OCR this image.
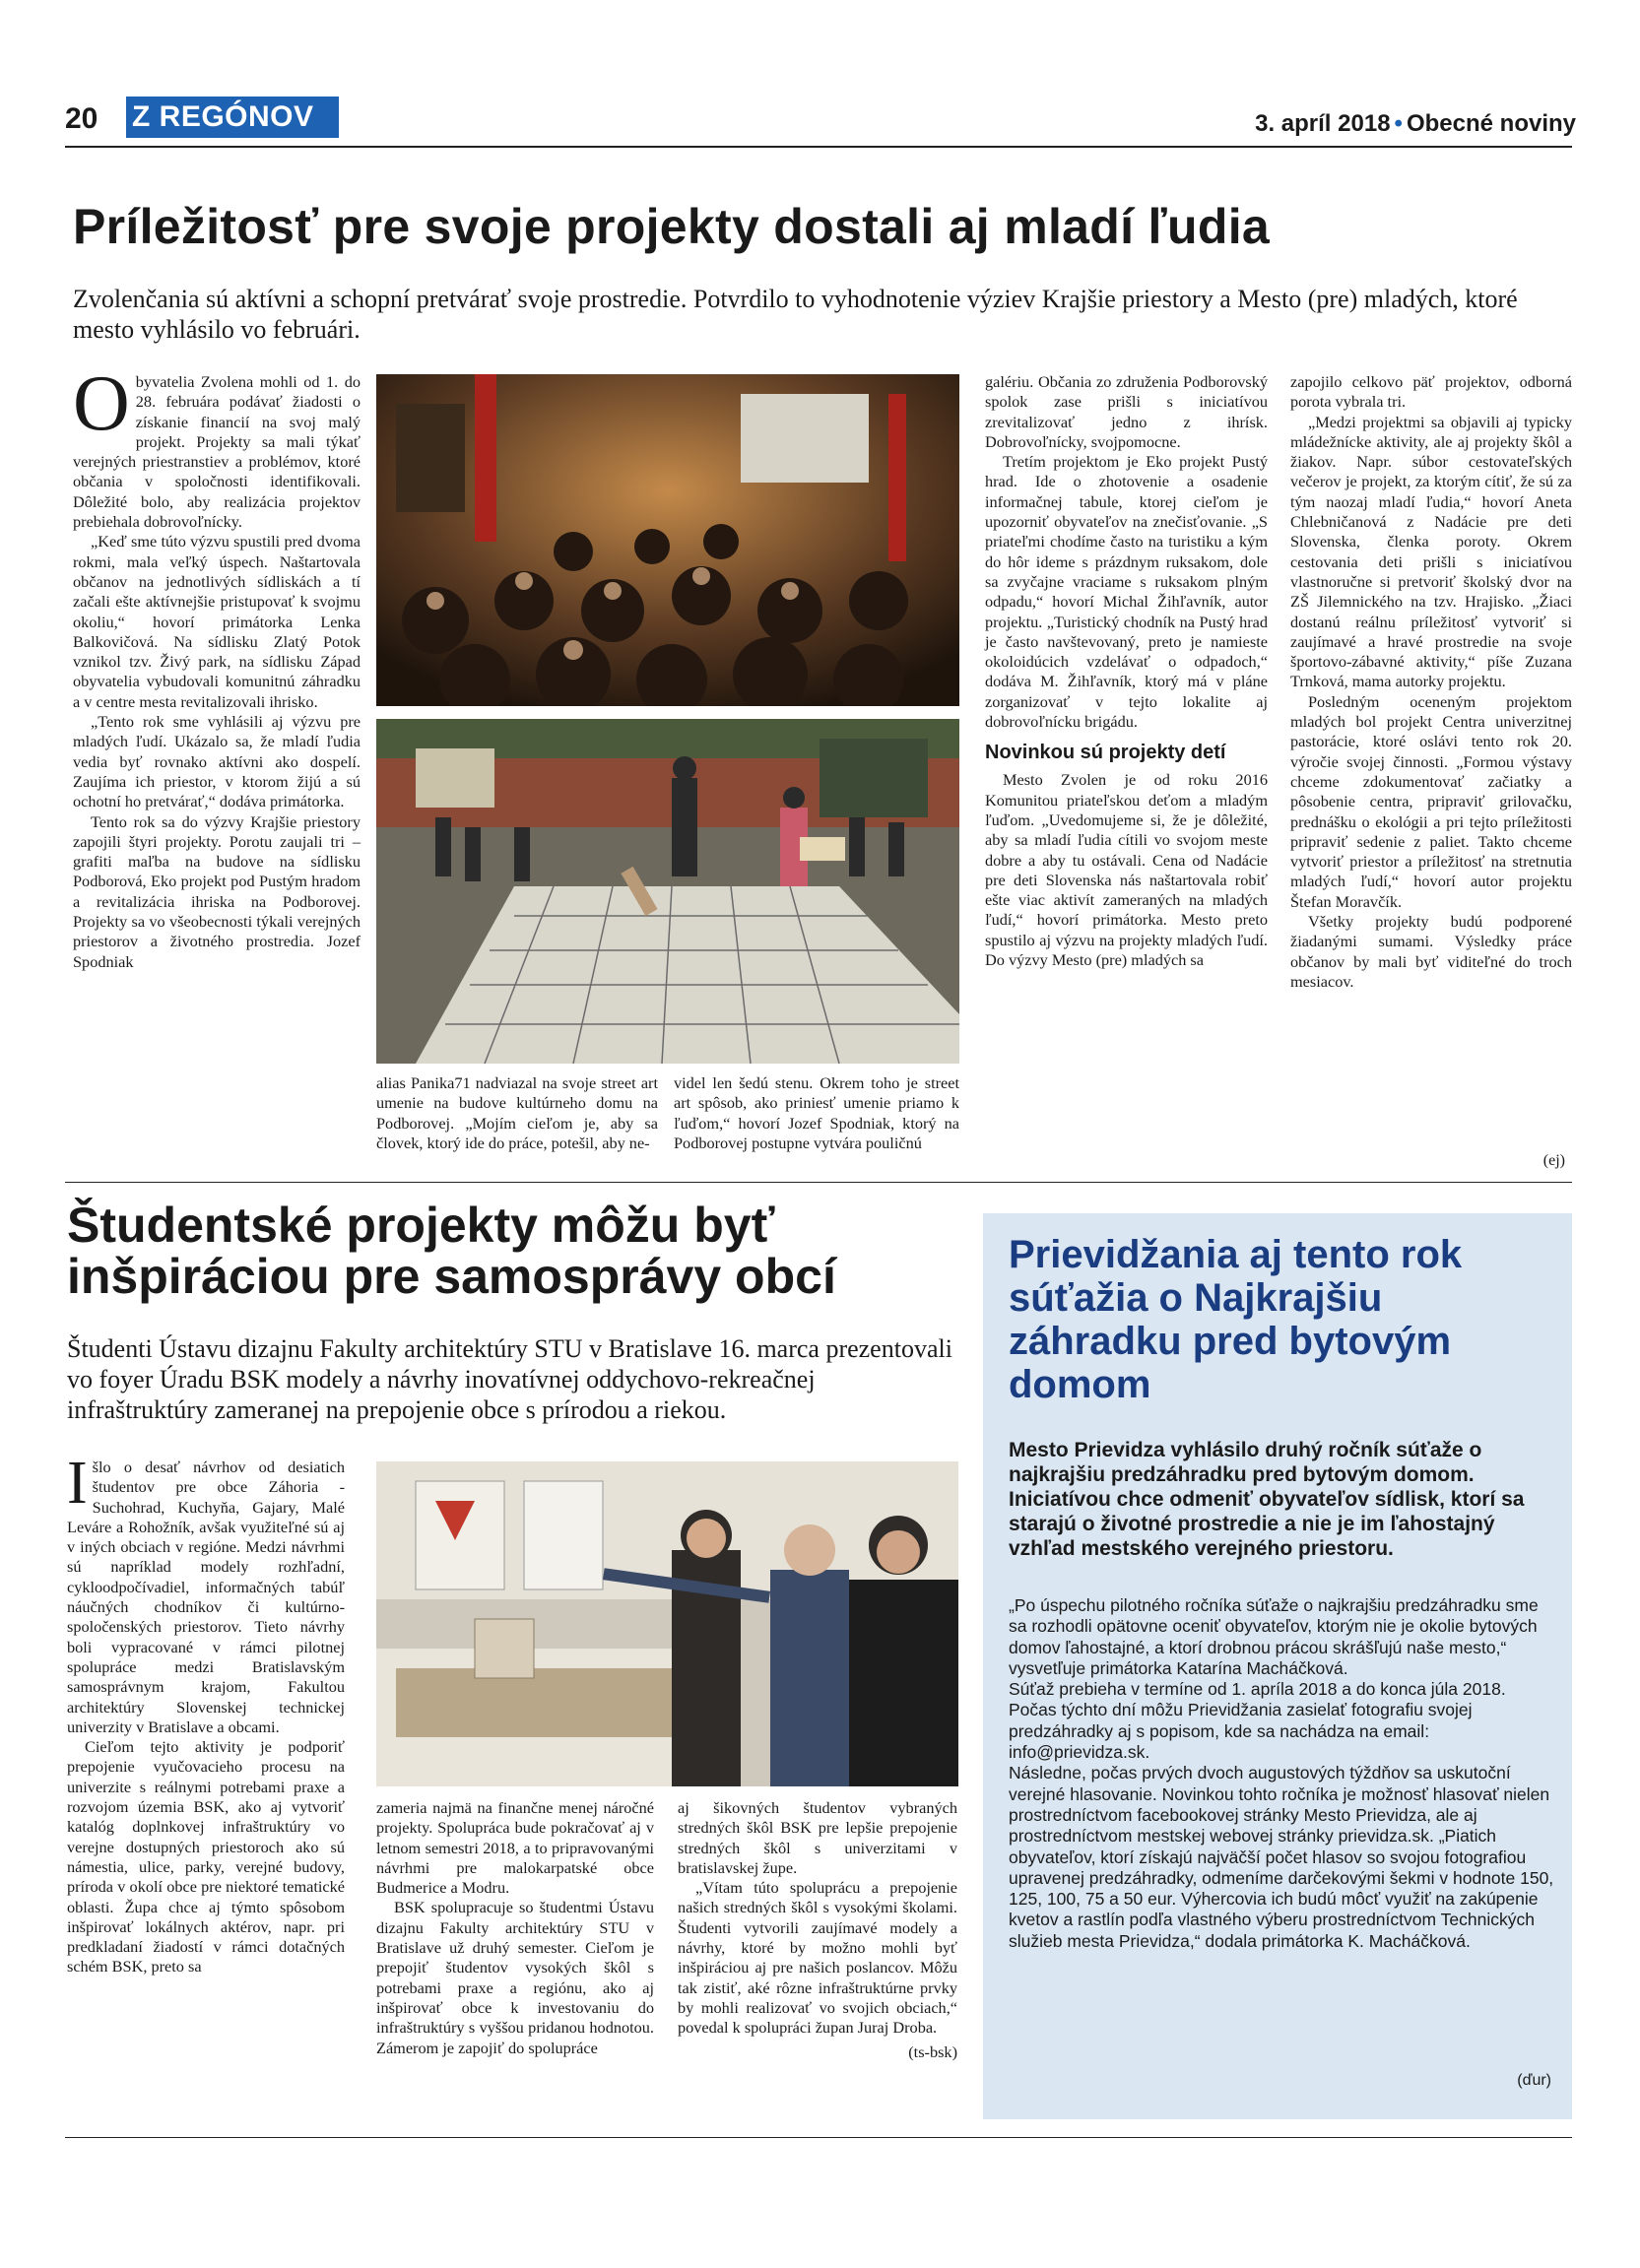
20 Z REGÓNOV	3. apríl 2018 • Obecné noviny
Príležitosť pre svoje projekty dostali aj mladí ľudia
Zvolenčania sú aktívni a schopní pretvárať svoje prostredie. Potvrdilo to vyhodnotenie výziev Krajšie priestory a Mesto (pre) mladých, ktoré mesto vyhlásilo vo februári.

Obyvatelia Zvolena mohli od 1. do 28. februára podávať žiadosti o získanie financií na svoj malý projekt. Projekty sa mali týkať verejných priestranstiev a problémov, ktoré občania v spoločnosti identifikovali. Dôležité bolo, aby realizácia projektov prebiehala dobrovoľnícky.

„Keď sme túto výzvu spustili pred dvoma rokmi, mala veľký úspech. Naštartovala občanov na jednotlivých sídliskách a tí začali ešte aktívnejšie pristupovať k svojmu okoliu,“ hovorí primátorka Lenka Balkovičová. Na sídlisku Zlatý Potok vznikol tzv. Živý park, na sídlisku Západ obyvatelia vybudovali komunitnú záhradku a v centre mesta revitalizovali ihrisko.

„Tento rok sme vyhlásili aj výzvu pre mladých ľudí. Ukázalo sa, že mladí ľudia vedia byť rovnako aktívni ako dospelí. Zaujíma ich priestor, v ktorom žijú a sú ochotní ho pretvárať,“ dodáva primátorka.

Tento rok sa do výzvy Krajšie priestory zapojili štyri projekty. Porotu zaujali tri – grafiti maľba na budove na sídlisku Podborová, Eko projekt pod Pustým hradom a revitalizácia ihriska na Podborovej. Projekty sa vo všeobecnosti týkali verejných priestorov a životného prostredia. Jozef Spodniak

alias Panika71 nadviazal na svoje street art umenie na budove kultúrneho domu na Podborovej. „Mojím cieľom je, aby sa človek, ktorý ide do práce, potešil, aby ne-

videl len šedú stenu. Okrem toho je street art spôsob, ako priniesť umenie priamo k ľuďom,“ hovorí Jozef Spodniak, ktorý na Podborovej postupne vytvára pouličnú

galériu. Občania zo združenia Podborovský spolok zase prišli s iniciatívou zrevitalizovať jedno z ihrísk. Dobrovoľnícky, svojpomocne.

Tretím projektom je Eko projekt Pustý hrad. Ide o zhotovenie a osadenie informačnej tabule, ktorej cieľom je upozorniť obyvateľov na znečisťovanie. „S priateľmi chodíme často na turistiku a kým do hôr ideme s prázdnym ruksakom, dole sa zvyčajne vraciame s ruksakom plným odpadu,“ hovorí Michal Žihľavník, autor projektu. „Turistický chodník na Pustý hrad je často navštevovaný, preto je namieste okoloidúcich vzdelávať o odpadoch,“ dodáva M. Žihľavník, ktorý má v pláne zorganizovať v tejto lokalite aj dobrovoľnícku brigádu.

Novinkou sú projekty detí

Mesto Zvolen je od roku 2016 Komunitou priateľskou deťom a mladým ľuďom. „Uvedomujeme si, že je dôležité, aby sa mladí ľudia cítili vo svojom meste dobre a aby tu ostávali. Cena od Nadácie pre deti Slovenska nás naštartovala robiť ešte viac aktivít zameraných na mladých ľudí,“ hovorí primátorka. Mesto preto spustilo aj výzvu na projekty mladých ľudí. Do výzvy Mesto (pre) mladých sa

zapojilo celkovo päť projektov, odborná porota vybrala tri.

„Medzi projektmi sa objavili aj typicky mládežnícke aktivity, ale aj projekty škôl a žiakov. Napr. súbor cestovateľských večerov je projekt, za ktorým cítiť, že sú za tým naozaj mladí ľudia,“ hovorí Aneta Chlebničanová z Nadácie pre deti Slovenska, členka poroty. Okrem cestovania deti prišli s iniciatívou vlastnoručne si pretvoriť školský dvor na ZŠ Jilemnického na tzv. Hrajisko. „Žiaci dostanú reálnu príležitosť vytvoriť si zaujímavé a hravé prostredie na svoje športovo-zábavné aktivity,“ píše Zuzana Trnková, mama autorky projektu.

Posledným oceneným projektom mladých bol projekt Centra univerzitnej pastorácie, ktoré oslávi tento rok 20. výročie svojej činnosti. „Formou výstavy chceme zdokumentovať začiatky a pôsobenie centra, pripraviť grilovačku, prednášku o ekológii a pri tejto príležitosti pripraviť sedenie z paliet. Takto chceme vytvoriť priestor a príležitosť na stretnutia mladých ľudí,“ hovorí autor projektu Štefan Moravčík.

Všetky projekty budú podporené žiadanými sumami. Výsledky práce občanov by mali byť viditeľné do troch mesiacov.

(ej)
Študentské projekty môžu byť inšpiráciou pre samosprávy obcí
Študenti Ústavu dizajnu Fakulty architektúry STU v Bratislave 16. marca prezentovali vo foyer Úradu BSK modely a návrhy inovatívnej oddychovo-rekreačnej infraštruktúry zameranej na prepojenie obce s prírodou a riekou.

Išlo o desať návrhov od desiatich študentov pre obce Záhoria - Suchohrad, Kuchyňa, Gajary, Malé Leváre a Rohožník, avšak využiteľné sú aj v iných obciach v regióne. Medzi návrhmi sú napríklad modely rozhľadní, cykloodpočívadiel, informačných tabúľ náučných chodníkov či kultúrno-spoločenských priestorov. Tieto návrhy boli vypracované v rámci pilotnej spolupráce medzi Bratislavským samosprávnym krajom, Fakultou architektúry Slovenskej technickej univerzity v Bratislave a obcami.

Cieľom tejto aktivity je podporiť prepojenie vyučovacieho procesu na univerzite s reálnymi potrebami praxe a rozvojom územia BSK, ako aj vytvoriť katalóg doplnkovej infraštruktúry vo verejne dostupných priestoroch ako sú námestia, ulice, parky, verejné budovy, príroda v okolí obce pre niektoré tematické oblasti. Župa chce aj týmto spôsobom inšpirovať lokálnych aktérov, napr. pri predkladaní žiadostí v rámci dotačných schém BSK, preto sa

zameria najmä na finančne menej náročné projekty. Spolupráca bude pokračovať aj v letnom semestri 2018, a to pripravovanými návrhmi pre malokarpatské obce Budmerice a Modru.

BSK spolupracuje so študentmi Ústavu dizajnu Fakulty architektúry STU v Bratislave už druhý semester. Cieľom je prepojiť študentov vysokých škôl s potrebami praxe a regiónu, ako aj inšpirovať obce k investovaniu do infraštruktúry s vyššou pridanou hodnotou. Zámerom je zapojiť do spolupráce

aj šikovných študentov vybraných stredných škôl BSK pre lepšie prepojenie stredných škôl s univerzitami v bratislavskej župe.

„Vítam túto spoluprácu a prepojenie našich stredných škôl s vysokými školami. Študenti vytvorili zaujímavé modely a návrhy, ktoré by možno mohli byť inšpiráciou aj pre našich poslancov. Môžu tak zistiť, aké rôzne infraštruktúrne prvky by mohli realizovať vo svojich obciach,“ povedal k spolupráci župan Juraj Droba.

(ts-bsk)

Prievidžania aj tento rok súťažia o Najkrajšiu záhradku pred bytovým domom
Mesto Prievidza vyhlásilo druhý ročník súťaže o najkrajšiu predzáhradku pred bytovým domom. Iniciatívou chce odmeniť obyvateľov sídlisk, ktorí sa starajú o životné prostredie a nie je im ľahostajný vzhľad mestského verejného priestoru.

„Po úspechu pilotného ročníka súťaže o najkrajšiu predzáhradku sme sa rozhodli opätovne oceniť obyvateľov, ktorým nie je okolie bytových domov ľahostajné, a ktorí drobnou prácou skrášľujú naše mesto,“ vysvetľuje primátorka Katarína Macháčková.

Súťaž prebieha v termíne od 1. apríla 2018 a do konca júla 2018. Počas týchto dní môžu Prievidžania zasielať fotografiu svojej predzáhradky aj s popisom, kde sa nachádza na email: info@prievidza.sk.

Následne, počas prvých dvoch augustových týždňov sa uskutoční verejné hlasovanie. Novinkou tohto ročníka je možnosť hlasovať nielen prostredníctvom facebookovej stránky Mesto Prievidza, ale aj prostredníctvom mestskej webovej stránky prievidza.sk. „Piatich obyvateľov, ktorí získajú najväčší počet hlasov so svojou fotografiou upravenej predzáhradky, odmeníme darčekovými šekmi v hodnote 150, 125, 100, 75 a 50 eur. Výhercovia ich budú môcť využiť na zakúpenie kvetov a rastlín podľa vlastného výberu prostredníctvom Technických služieb mesta Prievidza,“ dodala primátorka K. Macháčková.

(ďur)
